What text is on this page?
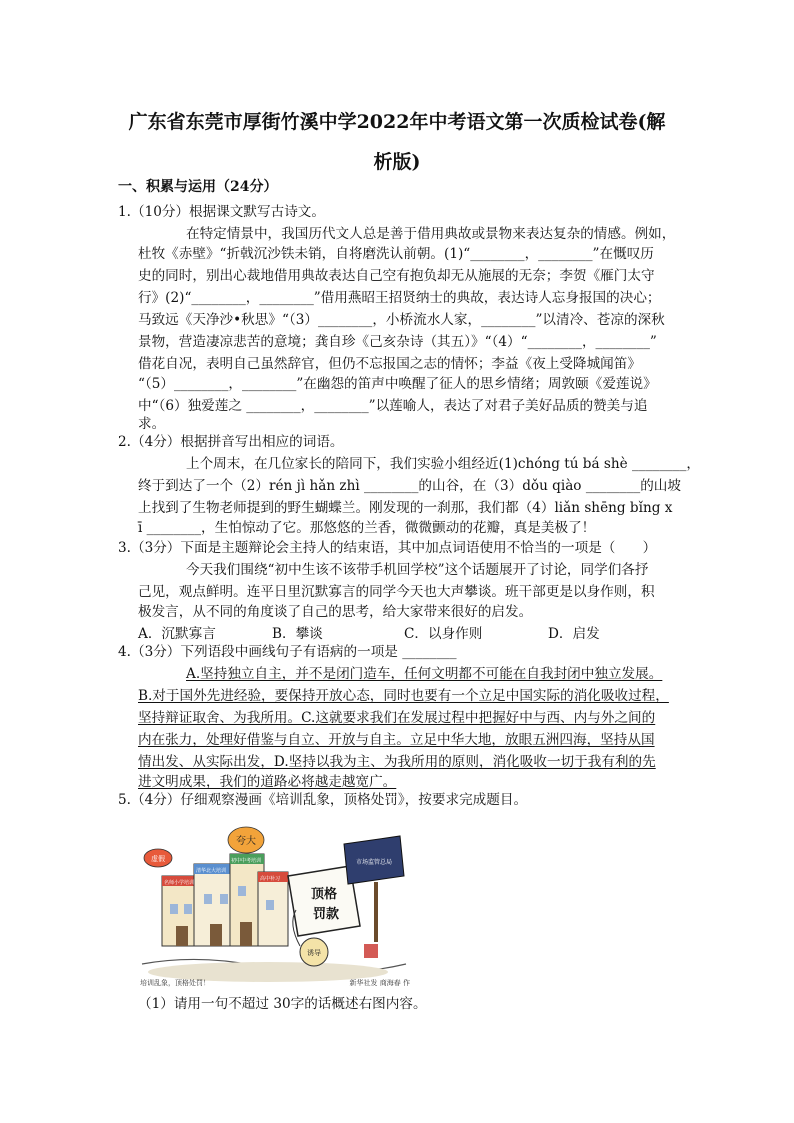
广东省东莞市厚街竹溪中学2022年中考语文第一次质检试卷(解
析版)
一、积累与运用（24分）
1.（10分）根据课文默写古诗文。
在特定情景中，我国历代文人总是善于借用典故或景物来表达复杂的情感。例如，
杜牧《赤壁》“折戟沉沙铁未销，自将磨洗认前朝。(1)“________，________”在慨叹历
史的同时，别出心裁地借用典故表达自己空有抱负却无从施展的无奈；李贺《雁门太守
行》(2)“________，________”借用燕昭王招贤纳士的典故，表达诗人忘身报国的决心；
马致远《天净沙•秋思》“（3）________，小桥流水人家，________”以清冷、苍凉的深秋
景物，营造凄凉悲苦的意境；龚自珍《己亥杂诗（其五）》“（4）“________，________”
借花自况，表明自己虽然辞官，但仍不忘报国之志的情怀；李益《夜上受降城闻笛》
“（5）________，________”在幽怨的笛声中唤醒了征人的思乡情绪；周敦颐《爱莲说》
中“（6）独爱莲之 ________，________”以莲喻人，表达了对君子美好品质的赞美与追
求。
2.（4分）根据拼音写出相应的词语。
上个周末，在几位家长的陪同下，我们实验小组经近(1)chóng tú bá shè ________，
终于到达了一个（2）rén jì hǎn zhì ________的山谷，在（3）dǒu qiào ________的山坡
上找到了生物老师提到的野生蝴蝶兰。刚发现的一刹那，我们都（4）liǎn shēng bǐng x
ī ________，生怕惊动了它。那悠悠的兰香，微微颤动的花瓣，真是美极了！
3.（3分）下面是主题辩论会主持人的结束语，其中加点词语使用不恰当的一项是（　　）
今天我们围绕“初中生该不该带手机回学校”这个话题展开了讨论，同学们各抒
己见，观点鲜明。连平日里沉默寡言的同学今天也大声攀谈。班干部更是以身作则，积
极发言，从不同的角度谈了自己的思考，给大家带来很好的启发。
A．沉默寡言	B．攀谈	C．以身作则	D．启发
4.（3分）下列语段中画线句子有语病的一项是 ________
A.坚持独立自主，并不是闭门造车，任何文明都不可能在自我封闭中独立发展。
B.对于国外先进经验，要保持开放心态，同时也要有一个立足中国实际的消化吸收过程，
坚持辩证取舍、为我所用。C.这就要求我们在发展过程中把握好中与西、内与外之间的
内在张力，处理好借鉴与自立、开放与自主。立足中华大地，放眼五洲四海，坚持从国
情出发、从实际出发，D.坚持以我为主、为我所用的原则，消化吸收一切于我有利的先
进文明成果，我们的道路必将越走越宽广。
5.（4分）仔细观察漫画《培训乱象，顶格处罚》，按要求完成题目。
名师小学培训
清华北大培训
初中中考培训
高中补习
虚假
夸大
顶格
罚款
市场监管总局
诱导
培训乱象，顶格处罚！	新华社发 商海春 作
（1）请用一句不超过 30字的话概述右图内容。
